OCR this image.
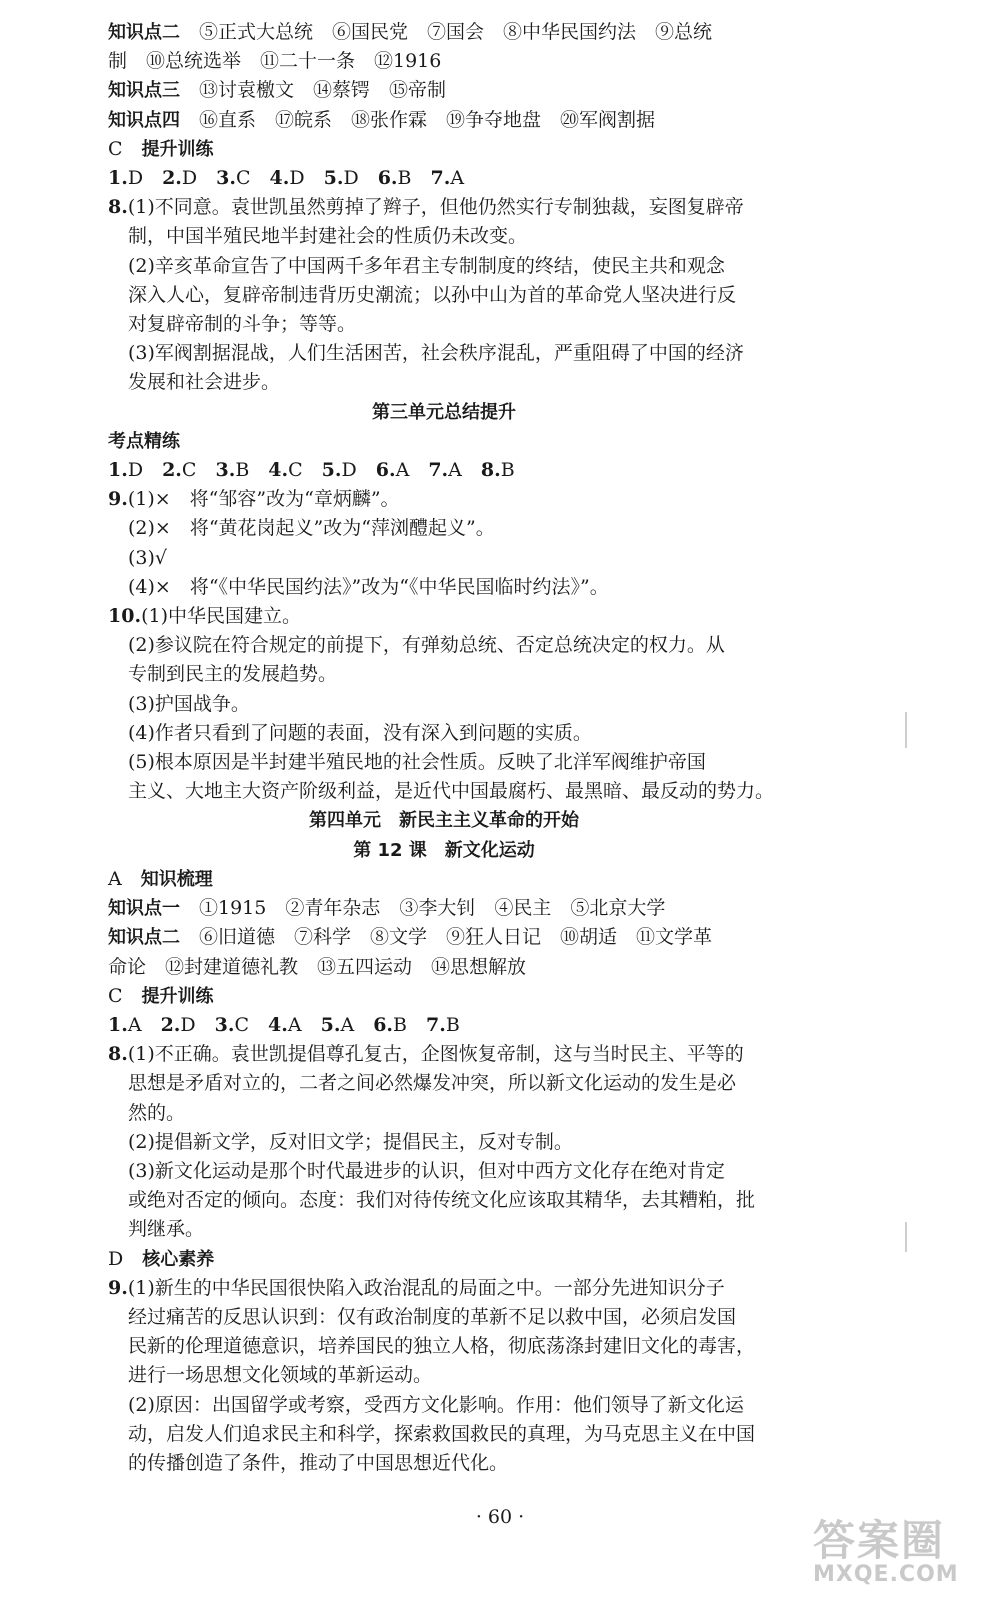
知识点二　⑤正式大总统　⑥国民党　⑦国会　⑧中华民国约法　⑨总统
制　⑩总统选举　⑪二十一条　⑫1916
知识点三　⑬讨袁檄文　⑭蔡锷　⑮帝制
知识点四　⑯直系　⑰皖系　⑱张作霖　⑲争夺地盘　⑳军阀割据
C　提升训练
1.D　2.D　3.C　4.D　5.D　6.B　7.A
8.(1)不同意。袁世凯虽然剪掉了辫子，但他仍然实行专制独裁，妄图复辟帝
制，中国半殖民地半封建社会的性质仍未改变。
(2)辛亥革命宣告了中国两千多年君主专制制度的终结，使民主共和观念
深入人心，复辟帝制违背历史潮流；以孙中山为首的革命党人坚决进行反
对复辟帝制的斗争；等等。
(3)军阀割据混战，人们生活困苦，社会秩序混乱，严重阻碍了中国的经济
发展和社会进步。
第三单元总结提升
考点精练
1.D　2.C　3.B　4.C　5.D　6.A　7.A　8.B
9.(1)×　将“邹容”改为“章炳麟”。
(2)×　将“黄花岗起义”改为“萍浏醴起义”。
(3)√
(4)×　将“《中华民国约法》”改为“《中华民国临时约法》”。
10.(1)中华民国建立。
(2)参议院在符合规定的前提下，有弹劾总统、否定总统决定的权力。从
专制到民主的发展趋势。
(3)护国战争。
(4)作者只看到了问题的表面，没有深入到问题的实质。
(5)根本原因是半封建半殖民地的社会性质。反映了北洋军阀维护帝国
主义、大地主大资产阶级利益，是近代中国最腐朽、最黑暗、最反动的势力。
第四单元　新民主主义革命的开始
第 12 课　新文化运动
A　知识梳理
知识点一　①1915　②青年杂志　③李大钊　④民主　⑤北京大学
知识点二　⑥旧道德　⑦科学　⑧文学　⑨狂人日记　⑩胡适　⑪文学革
命论　⑫封建道德礼教　⑬五四运动　⑭思想解放
C　提升训练
1.A　2.D　3.C　4.A　5.A　6.B　7.B
8.(1)不正确。袁世凯提倡尊孔复古，企图恢复帝制，这与当时民主、平等的
思想是矛盾对立的，二者之间必然爆发冲突，所以新文化运动的发生是必
然的。
(2)提倡新文学，反对旧文学；提倡民主，反对专制。
(3)新文化运动是那个时代最进步的认识，但对中西方文化存在绝对肯定
或绝对否定的倾向。态度：我们对待传统文化应该取其精华，去其糟粕，批
判继承。
D　核心素养
9.(1)新生的中华民国很快陷入政治混乱的局面之中。一部分先进知识分子
经过痛苦的反思认识到：仅有政治制度的革新不足以救中国，必须启发国
民新的伦理道德意识，培养国民的独立人格，彻底荡涤封建旧文化的毒害，
进行一场思想文化领域的革新运动。
(2)原因：出国留学或考察，受西方文化影响。作用：他们领导了新文化运
动，启发人们追求民主和科学，探索救国救民的真理，为马克思主义在中国
的传播创造了条件，推动了中国思想近代化。
· 60 ·	答案圈
MXQE.COM
